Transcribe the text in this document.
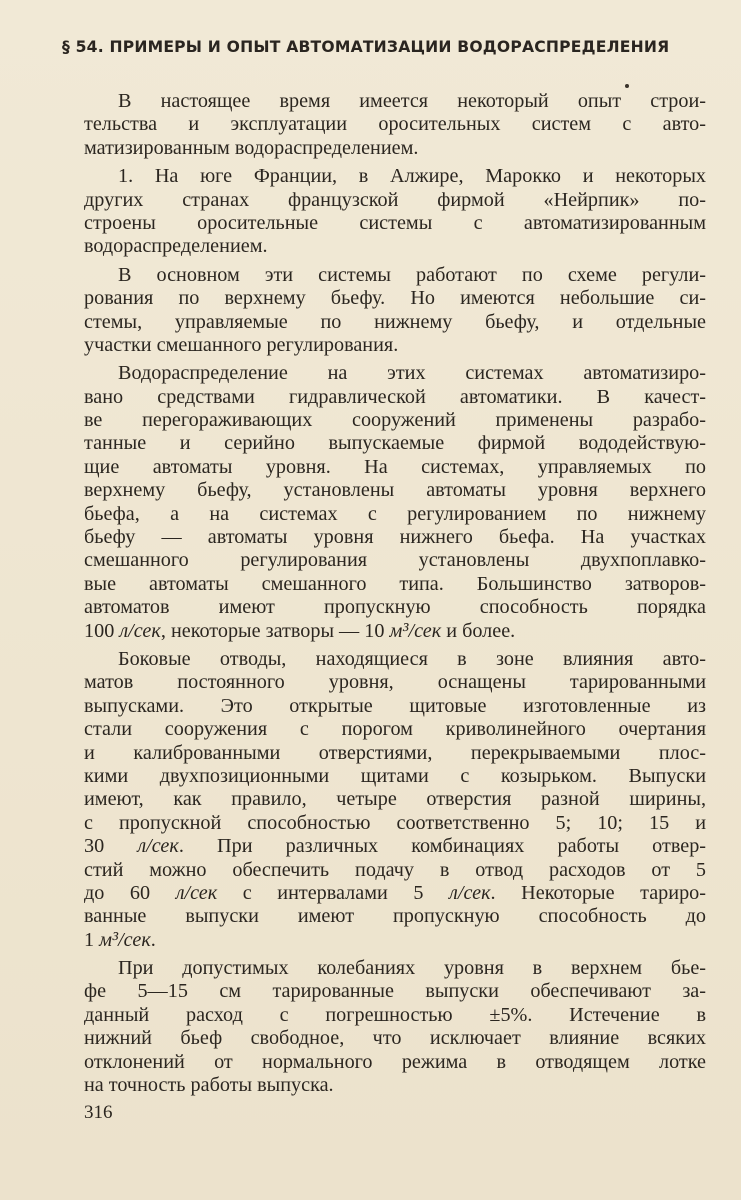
§ 54. ПРИМЕРЫ И ОПЫТ АВТОМАТИЗАЦИИ ВОДОРАСПРЕДЕЛЕНИЯ
В настоящее время имеется некоторый опыт строи-
тельства и эксплуатации оросительных систем с авто-
матизированным водораспределением.
1. На юге Франции, в Алжире, Марокко и некоторых
других странах французской фирмой «Нейрпик» по-
строены оросительные системы с автоматизированным
водораспределением.
В основном эти системы работают по схеме регули-
рования по верхнему бьефу. Но имеются небольшие си-
стемы, управляемые по нижнему бьефу, и отдельные
участки смешанного регулирования.
Водораспределение на этих системах автоматизиро-
вано средствами гидравлической автоматики. В качест-
ве перегораживающих сооружений применены разрабо-
танные и серийно выпускаемые фирмой вододействую-
щие автоматы уровня. На системах, управляемых по
верхнему бьефу, установлены автоматы уровня верхнего
бьефа, а на системах с регулированием по нижнему
бьефу — автоматы уровня нижнего бьефа. На участках
смешанного регулирования установлены двухпоплавко-
вые автоматы смешанного типа. Большинство затворов-
автоматов имеют пропускную способность порядка
100 л/сек, некоторые затворы — 10 м³/сек и более.
Боковые отводы, находящиеся в зоне влияния авто-
матов постоянного уровня, оснащены тарированными
выпусками. Это открытые щитовые изготовленные из
стали сооружения с порогом криволинейного очертания
и калиброванными отверстиями, перекрываемыми плос-
кими двухпозиционными щитами с козырьком. Выпуски
имеют, как правило, четыре отверстия разной ширины,
с пропускной способностью соответственно 5; 10; 15 и
30 л/сек. При различных комбинациях работы отвер-
стий можно обеспечить подачу в отвод расходов от 5
до 60 л/сек с интервалами 5 л/сек. Некоторые тариро-
ванные выпуски имеют пропускную способность до
1 м³/сек.
При допустимых колебаниях уровня в верхнем бье-
фе 5—15 см тарированные выпуски обеспечивают за-
данный расход с погрешностью ±5%. Истечение в
нижний бьеф свободное, что исключает влияние всяких
отклонений от нормального режима в отводящем лотке
на точность работы выпуска.
316
